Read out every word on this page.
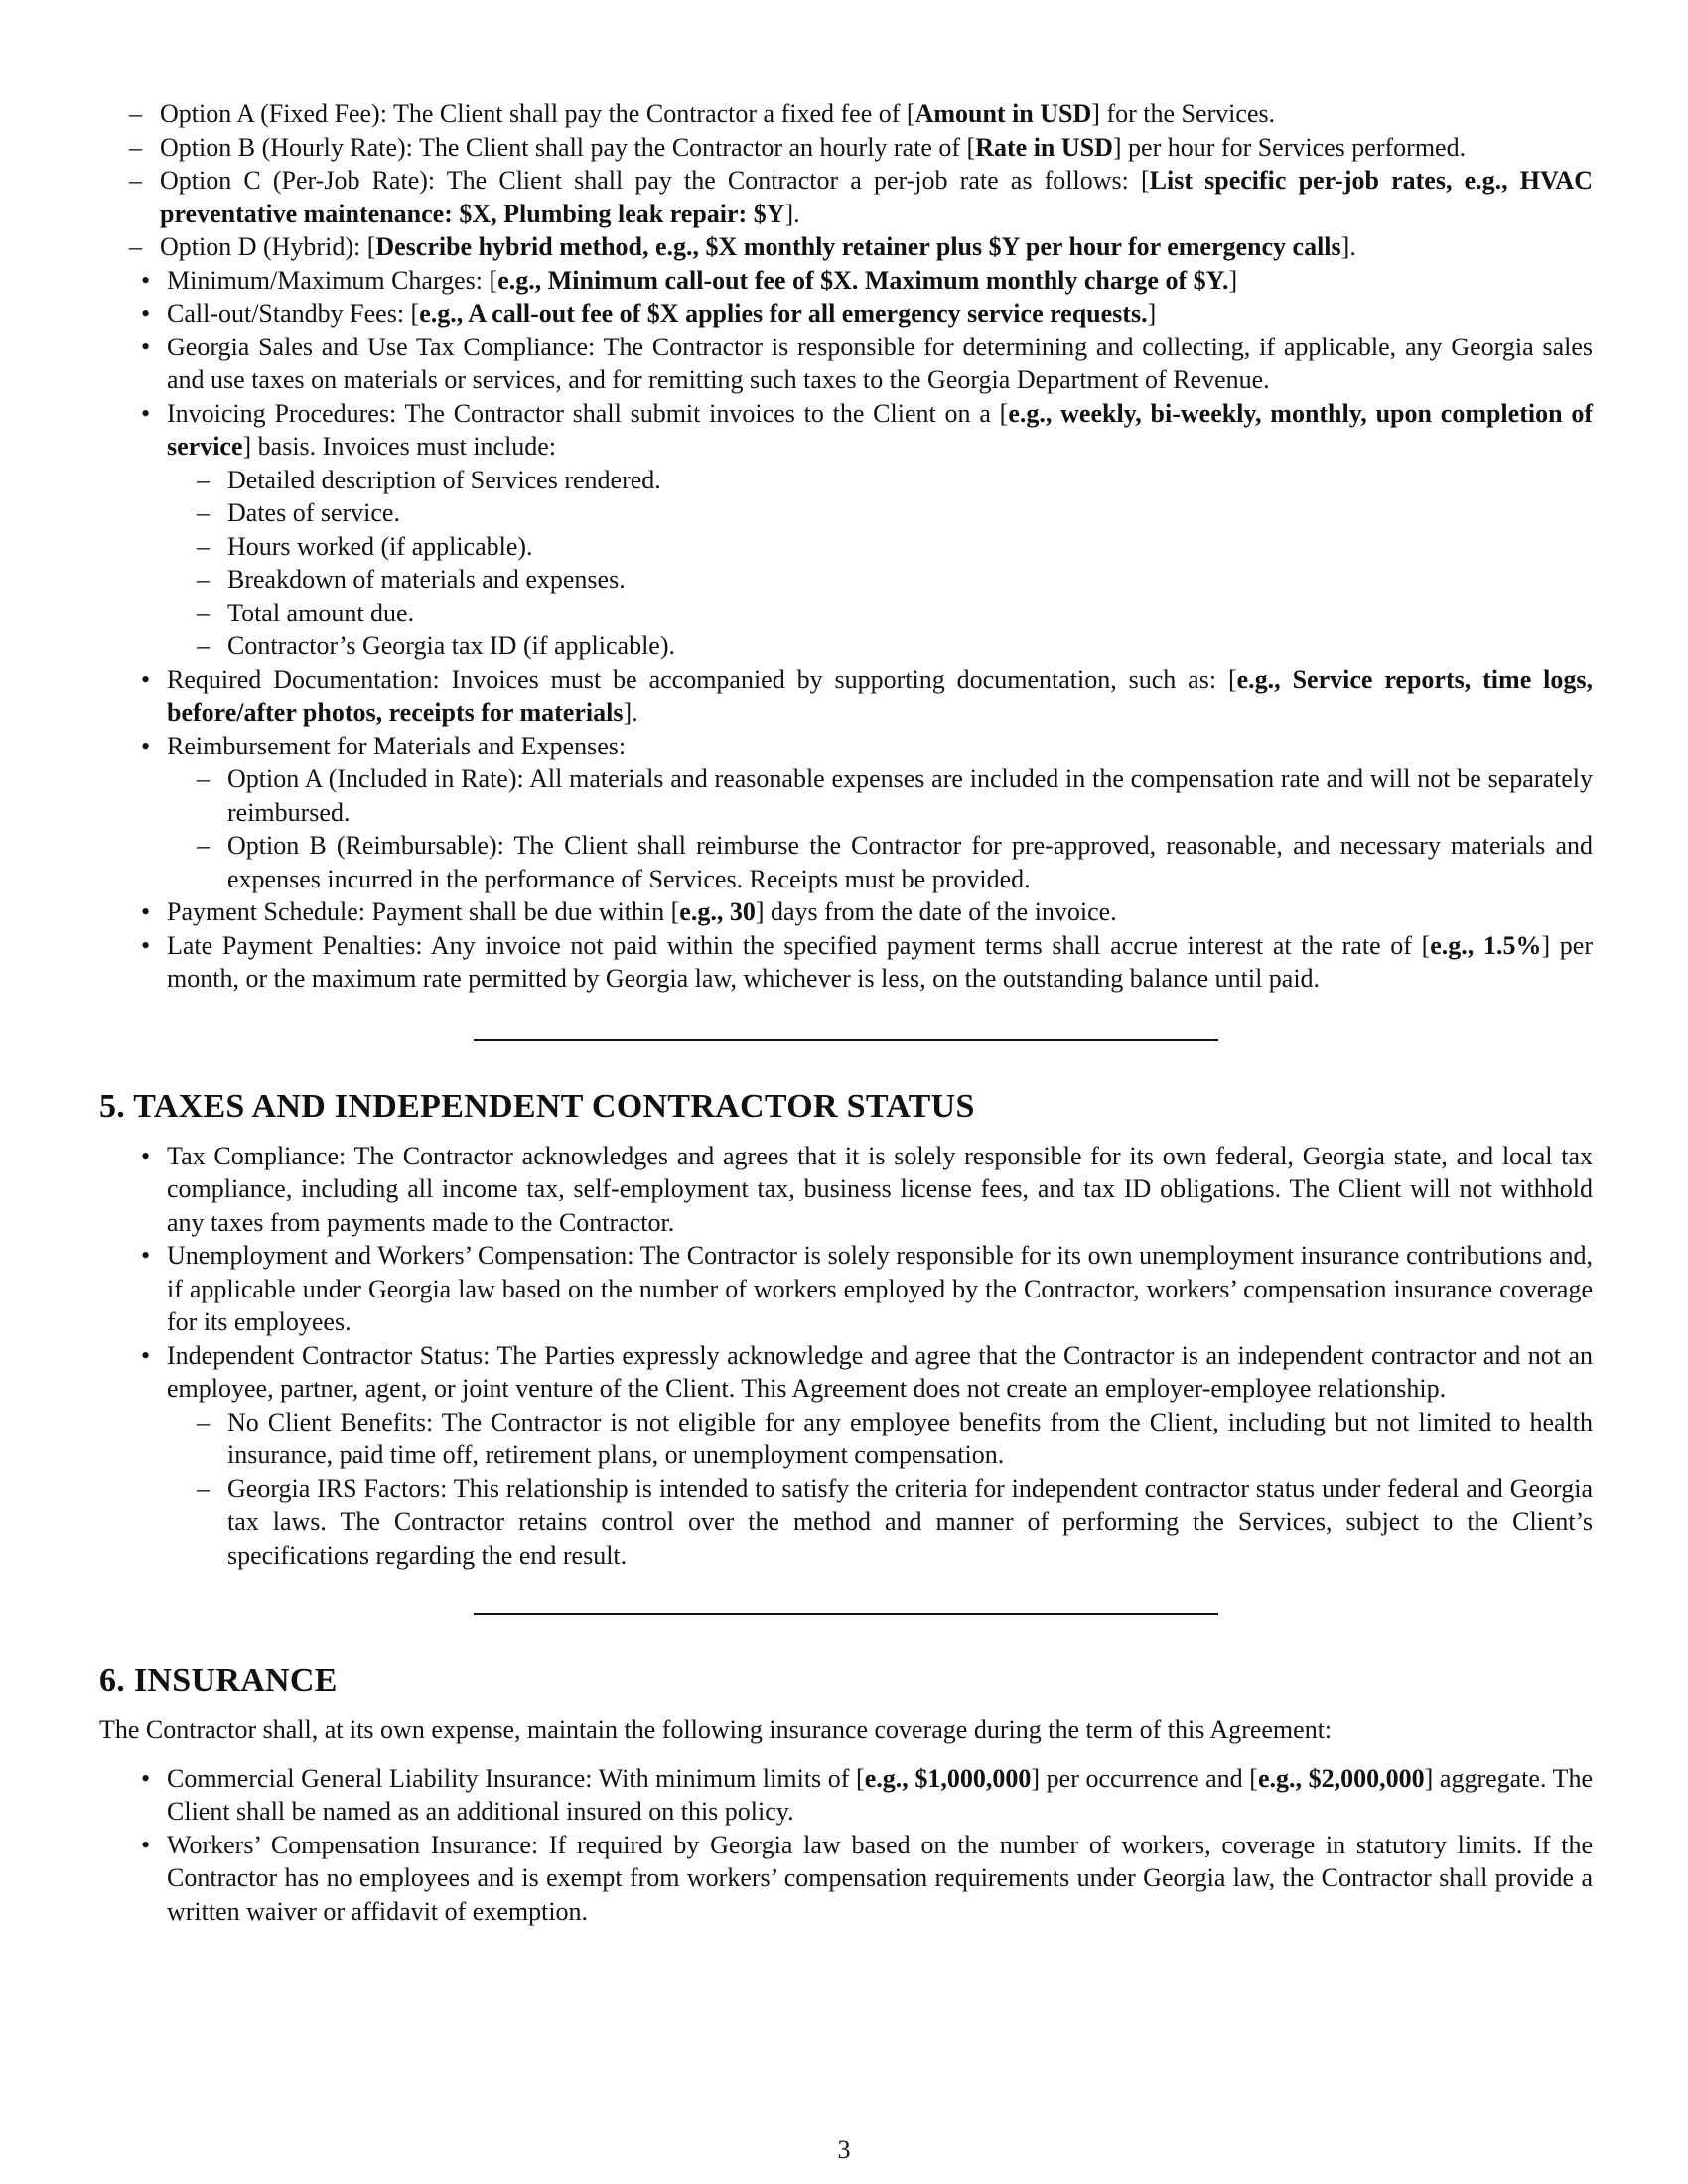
– Option A (Fixed Fee): The Client shall pay the Contractor a fixed fee of [Amount in USD] for the Services.
– Option B (Hourly Rate): The Client shall pay the Contractor an hourly rate of [Rate in USD] per hour for Services performed.
– Option C (Per-Job Rate): The Client shall pay the Contractor a per-job rate as follows: [List specific per-job rates, e.g., HVAC preventative maintenance: $X, Plumbing leak repair: $Y].
– Option D (Hybrid): [Describe hybrid method, e.g., $X monthly retainer plus $Y per hour for emergency calls].
• Minimum/Maximum Charges: [e.g., Minimum call-out fee of $X. Maximum monthly charge of $Y.]
• Call-out/Standby Fees: [e.g., A call-out fee of $X applies for all emergency service requests.]
• Georgia Sales and Use Tax Compliance: The Contractor is responsible for determining and collecting, if applicable, any Georgia sales and use taxes on materials or services, and for remitting such taxes to the Georgia Department of Revenue.
• Invoicing Procedures: The Contractor shall submit invoices to the Client on a [e.g., weekly, bi-weekly, monthly, upon completion of service] basis. Invoices must include:
– Detailed description of Services rendered.
– Dates of service.
– Hours worked (if applicable).
– Breakdown of materials and expenses.
– Total amount due.
– Contractor’s Georgia tax ID (if applicable).
• Required Documentation: Invoices must be accompanied by supporting documentation, such as: [e.g., Service reports, time logs, before/after photos, receipts for materials].
• Reimbursement for Materials and Expenses:
– Option A (Included in Rate): All materials and reasonable expenses are included in the compensation rate and will not be separately reimbursed.
– Option B (Reimbursable): The Client shall reimburse the Contractor for pre-approved, reasonable, and necessary materials and expenses incurred in the performance of Services. Receipts must be provided.
• Payment Schedule: Payment shall be due within [e.g., 30] days from the date of the invoice.
• Late Payment Penalties: Any invoice not paid within the specified payment terms shall accrue interest at the rate of [e.g., 1.5%] per month, or the maximum rate permitted by Georgia law, whichever is less, on the outstanding balance until paid.
5. TAXES AND INDEPENDENT CONTRACTOR STATUS
• Tax Compliance: The Contractor acknowledges and agrees that it is solely responsible for its own federal, Georgia state, and local tax compliance, including all income tax, self-employment tax, business license fees, and tax ID obligations. The Client will not withhold any taxes from payments made to the Contractor.
• Unemployment and Workers’ Compensation: The Contractor is solely responsible for its own unemployment insurance contributions and, if applicable under Georgia law based on the number of workers employed by the Contractor, workers’ compensation insurance coverage for its employees.
• Independent Contractor Status: The Parties expressly acknowledge and agree that the Contractor is an independent contractor and not an employee, partner, agent, or joint venture of the Client. This Agreement does not create an employer-employee relationship.
– No Client Benefits: The Contractor is not eligible for any employee benefits from the Client, including but not limited to health insurance, paid time off, retirement plans, or unemployment compensation.
– Georgia IRS Factors: This relationship is intended to satisfy the criteria for independent contractor status under federal and Georgia tax laws. The Contractor retains control over the method and manner of performing the Services, subject to the Client’s specifications regarding the end result.
6. INSURANCE

The Contractor shall, at its own expense, maintain the following insurance coverage during the term of this Agreement:

• Commercial General Liability Insurance: With minimum limits of [e.g., $1,000,000] per occurrence and [e.g., $2,000,000] aggregate. The Client shall be named as an additional insured on this policy.
• Workers’ Compensation Insurance: If required by Georgia law based on the number of workers, coverage in statutory limits. If the Contractor has no employees and is exempt from workers’ compensation requirements under Georgia law, the Contractor shall provide a written waiver or affidavit of exemption.
3
